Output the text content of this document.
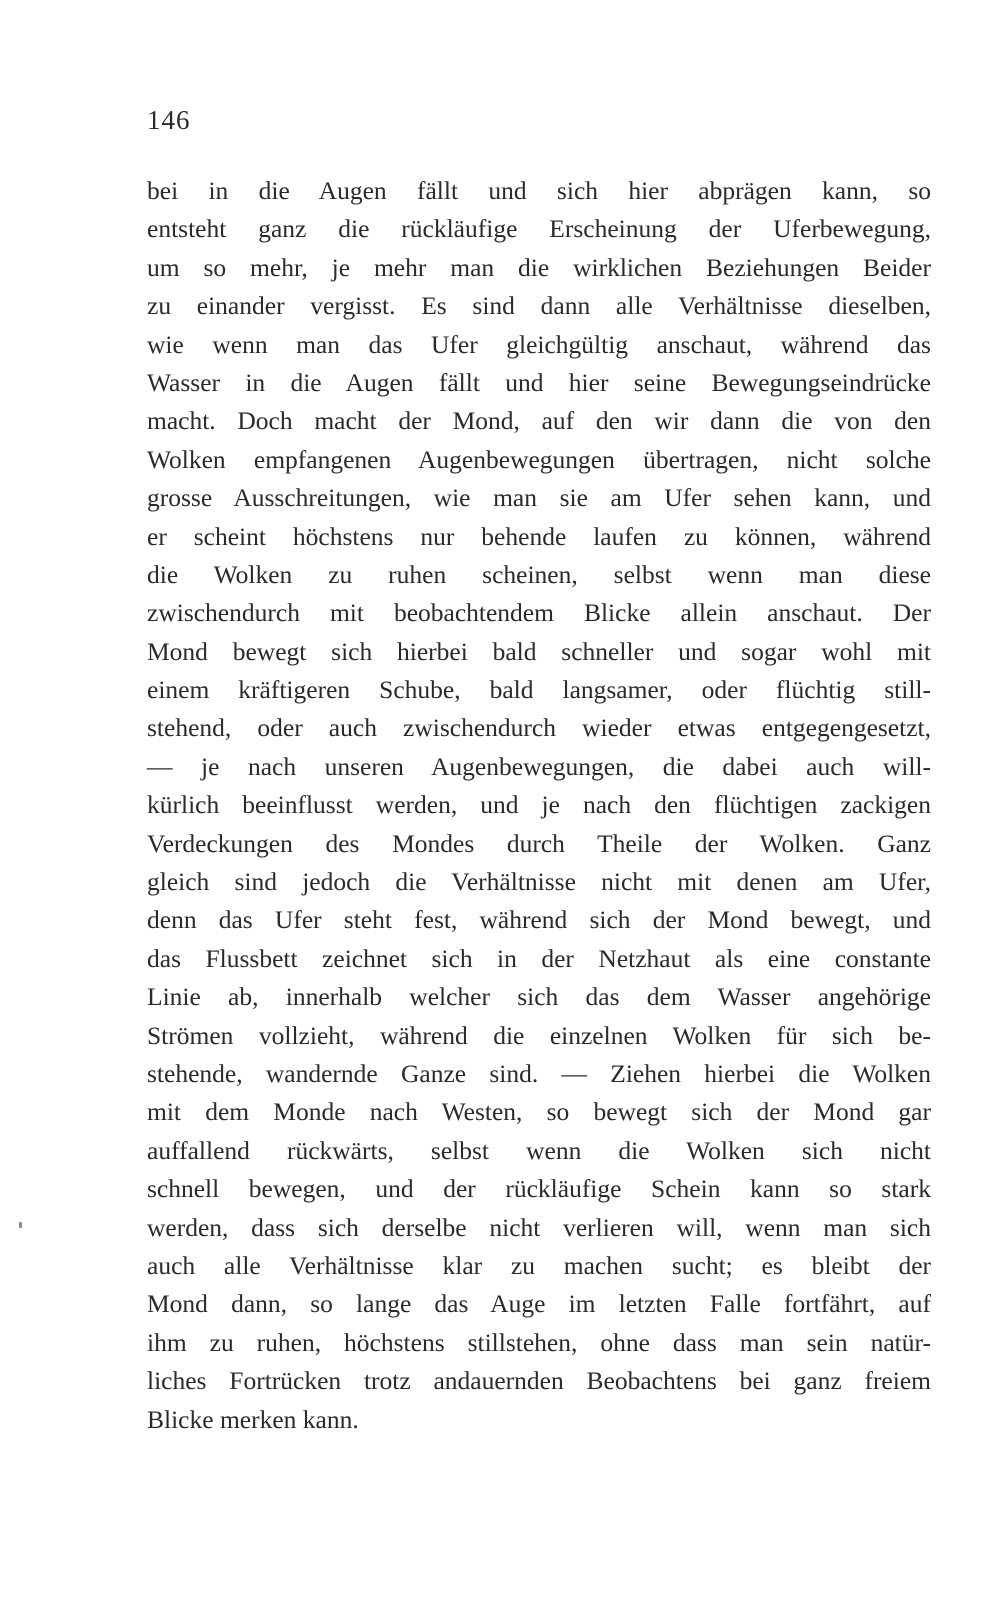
146
bei in die Augen fällt und sich hier abprägen kann, so
entsteht ganz die rückläufige Erscheinung der Uferbewegung,
um so mehr, je mehr man die wirklichen Beziehungen Beider
zu einander vergisst. Es sind dann alle Verhältnisse dieselben,
wie wenn man das Ufer gleichgültig anschaut, während das
Wasser in die Augen fällt und hier seine Bewegungseindrücke
macht. Doch macht der Mond, auf den wir dann die von den
Wolken empfangenen Augenbewegungen übertragen, nicht solche
grosse Ausschreitungen, wie man sie am Ufer sehen kann, und
er scheint höchstens nur behende laufen zu können, während
die Wolken zu ruhen scheinen, selbst wenn man diese
zwischendurch mit beobachtendem Blicke allein anschaut. Der
Mond bewegt sich hierbei bald schneller und sogar wohl mit
einem kräftigeren Schube, bald langsamer, oder flüchtig still-
stehend, oder auch zwischendurch wieder etwas entgegengesetzt,
— je nach unseren Augenbewegungen, die dabei auch will-
kürlich beeinflusst werden, und je nach den flüchtigen zackigen
Verdeckungen des Mondes durch Theile der Wolken. Ganz
gleich sind jedoch die Verhältnisse nicht mit denen am Ufer,
denn das Ufer steht fest, während sich der Mond bewegt, und
das Flussbett zeichnet sich in der Netzhaut als eine constante
Linie ab, innerhalb welcher sich das dem Wasser angehörige
Strömen vollzieht, während die einzelnen Wolken für sich be-
stehende, wandernde Ganze sind. — Ziehen hierbei die Wolken
mit dem Monde nach Westen, so bewegt sich der Mond gar
auffallend rückwärts, selbst wenn die Wolken sich nicht
schnell bewegen, und der rückläufige Schein kann so stark
werden, dass sich derselbe nicht verlieren will, wenn man sich
auch alle Verhältnisse klar zu machen sucht; es bleibt der
Mond dann, so lange das Auge im letzten Falle fortfährt, auf
ihm zu ruhen, höchstens stillstehen, ohne dass man sein natür-
liches Fortrücken trotz andauernden Beobachtens bei ganz freiem
Blicke merken kann.
